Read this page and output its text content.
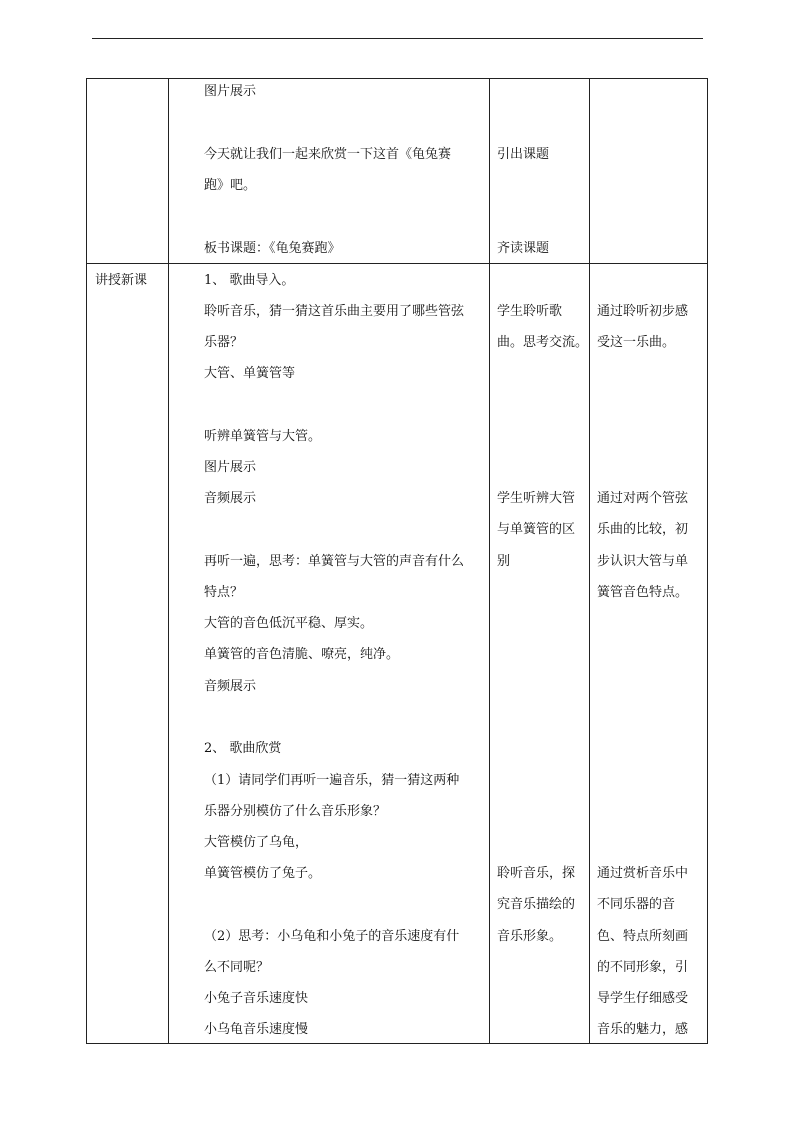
图片展示

今天就让我们一起来欣赏一下这首《龟兔赛

跑》吧。

板书课题：《龟兔赛跑》

引出课题

齐读课题

讲授新课	1、 歌曲导入。

聆听音乐，猜一猜这首乐曲主要用了哪些管弦

乐器？

大管、单簧管等

听辨单簧管与大管。

图片展示

音频展示

再听一遍，思考：单簧管与大管的声音有什么

特点？

大管的音色低沉平稳、厚实。

单簧管的音色清脆、嘹亮，纯净。

音频展示

2、 歌曲欣赏

（1）请同学们再听一遍音乐，猜一猜这两种

乐器分别模仿了什么音乐形象？

大管模仿了乌龟，

单簧管模仿了兔子。

（2）思考：小乌龟和小兔子的音乐速度有什

么不同呢？

小兔子音乐速度快

小乌龟音乐速度慢

学生聆听歌

曲。思考交流。

学生听辨大管

与单簧管的区

别

聆听音乐，探

究音乐描绘的

音乐形象。

通过聆听初步感

受这一乐曲。

通过对两个管弦

乐曲的比较，初

步认识大管与单

簧管音色特点。

通过赏析音乐中

不同乐器的音

色、特点所刻画

的不同形象，引

导学生仔细感受

音乐的魅力，感
